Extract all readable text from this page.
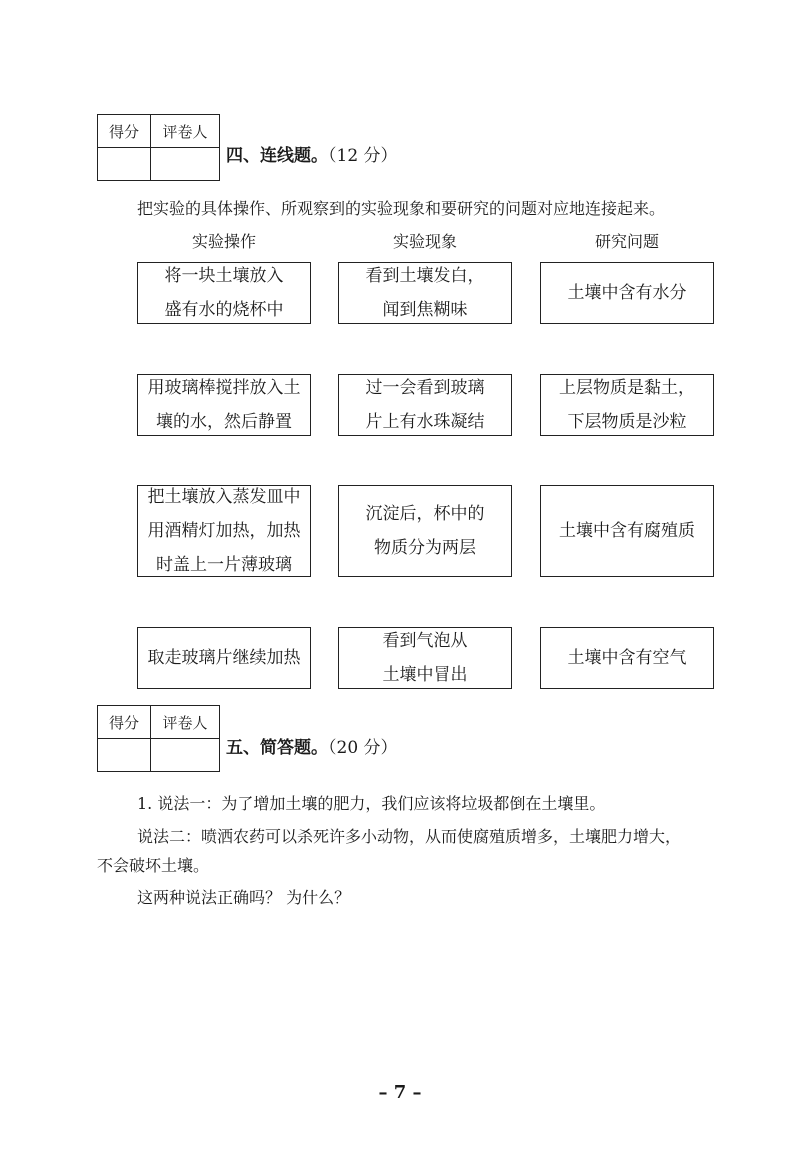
得分	评卷人

四、连线题。（12 分）
把实验的具体操作、所观察到的实验现象和要研究的问题对应地连接起来。
实验操作	实验现象	研究问题
将一块土壤放入
盛有水的烧杯中
看到土壤发白，
闻到焦糊味
土壤中含有水分
用玻璃棒搅拌放入土
壤的水，然后静置
过一会看到玻璃
片上有水珠凝结
上层物质是黏土，
下层物质是沙粒
把土壤放入蒸发皿中
用酒精灯加热，加热
时盖上一片薄玻璃
沉淀后，杯中的
物质分为两层
土壤中含有腐殖质
取走玻璃片继续加热
看到气泡从
土壤中冒出
土壤中含有空气
得分	评卷人

五、简答题。（20 分）
1. 说法一：为了增加土壤的肥力，我们应该将垃圾都倒在土壤里。
说法二：喷洒农药可以杀死许多小动物，从而使腐殖质增多，土壤肥力增大，
不会破坏土壤。
这两种说法正确吗？ 为什么？
– 7 –
